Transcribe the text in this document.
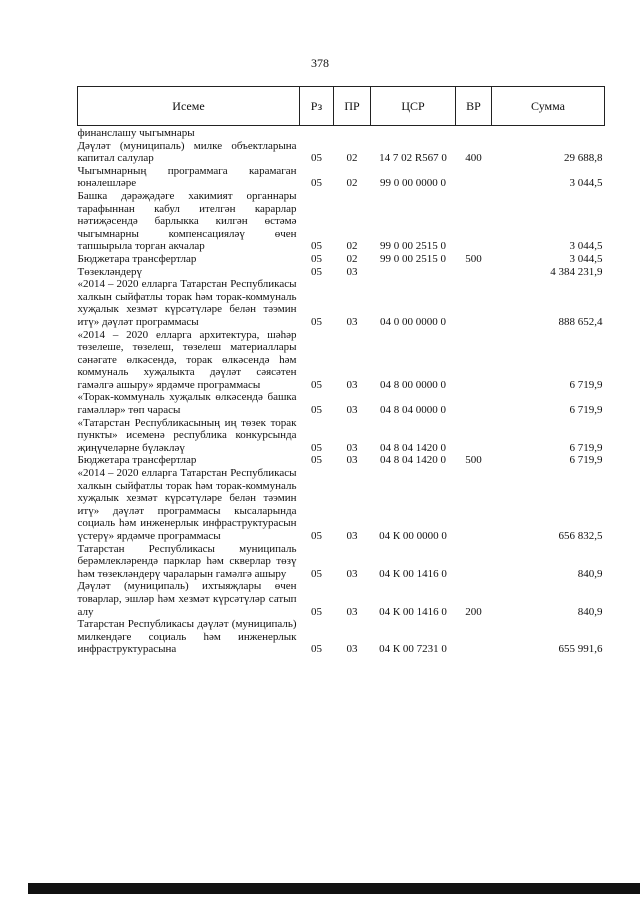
378
Исеме	Рз	ПР	ЦСР	ВР	Сумма
финанслашу чыгымнары					
Дәүләт (муниципаль) милке объектларына капитал салулар	05	02	14 7 02 R567 0	400	29 688,8
Чыгымнарның программага карамаган юнәлешләре	05	02	99 0 00 0000 0		3 044,5
Башка дәрәҗәдәге хакимият органнары тарафыннан кабул ителгән карарлар нәтиҗәсендә барлыкка килгән өстәмә чыгымнарны компенсацияләү өчен тапшырыла торган акчалар	05	02	99 0 00 2515 0		3 044,5
Бюджетара трансфертлар	05	02	99 0 00 2515 0	500	3 044,5
Төзекләндерү	05	03			4 384 231,9
«2014 – 2020 елларга Татарстан Республикасы халкын сыйфатлы торак һәм торак-коммуналь хуҗалык хезмәт күрсәтүләре белән тәэмин итү» дәүләт программасы	05	03	04 0 00 0000 0		888 652,4
«2014 – 2020 елларга архитектура, шәһәр төзелеше, төзелеш, төзелеш материаллары сәнәгате өлкәсендә, торак өлкәсендә һәм коммуналь хуҗалыкта дәүләт сәясәтен гамәлгә ашыру» ярдәмче программасы	05	03	04 8 00 0000 0		6 719,9
«Торак-коммуналь хуҗалык өлкәсендә башка гамәлләр» төп чарасы	05	03	04 8 04 0000 0		6 719,9
«Татарстан Республикасының иң төзек торак пункты» исеменә республика конкурсында җиңүчеләрне бүләкләү	05	03	04 8 04 1420 0		6 719,9
Бюджетара трансфертлар	05	03	04 8 04 1420 0	500	6 719,9
«2014 – 2020 елларга Татарстан Республикасы халкын сыйфатлы торак һәм торак-коммуналь хуҗалык хезмәт күрсәтүләре белән тәэмин итү» дәүләт программасы кысаларында социаль һәм инженерлык инфраструктурасын үстерү» ярдәмче программасы	05	03	04 К 00 0000 0		656 832,5
Татарстан Республикасы муниципаль берәмлекләрендә парклар һәм скверлар төзү һәм төзекләндерү чараларын гамәлгә ашыру	05	03	04 К 00 1416 0		840,9
Дәүләт (муниципаль) ихтыяҗлары өчен товарлар, эшләр һәм хезмәт күрсәтүләр сатып алу	05	03	04 К 00 1416 0	200	840,9
Татарстан Республикасы дәүләт (муниципаль) милкендәге социаль һәм инженерлык инфраструктурасына	05	03	04 К 00 7231 0		655 991,6
